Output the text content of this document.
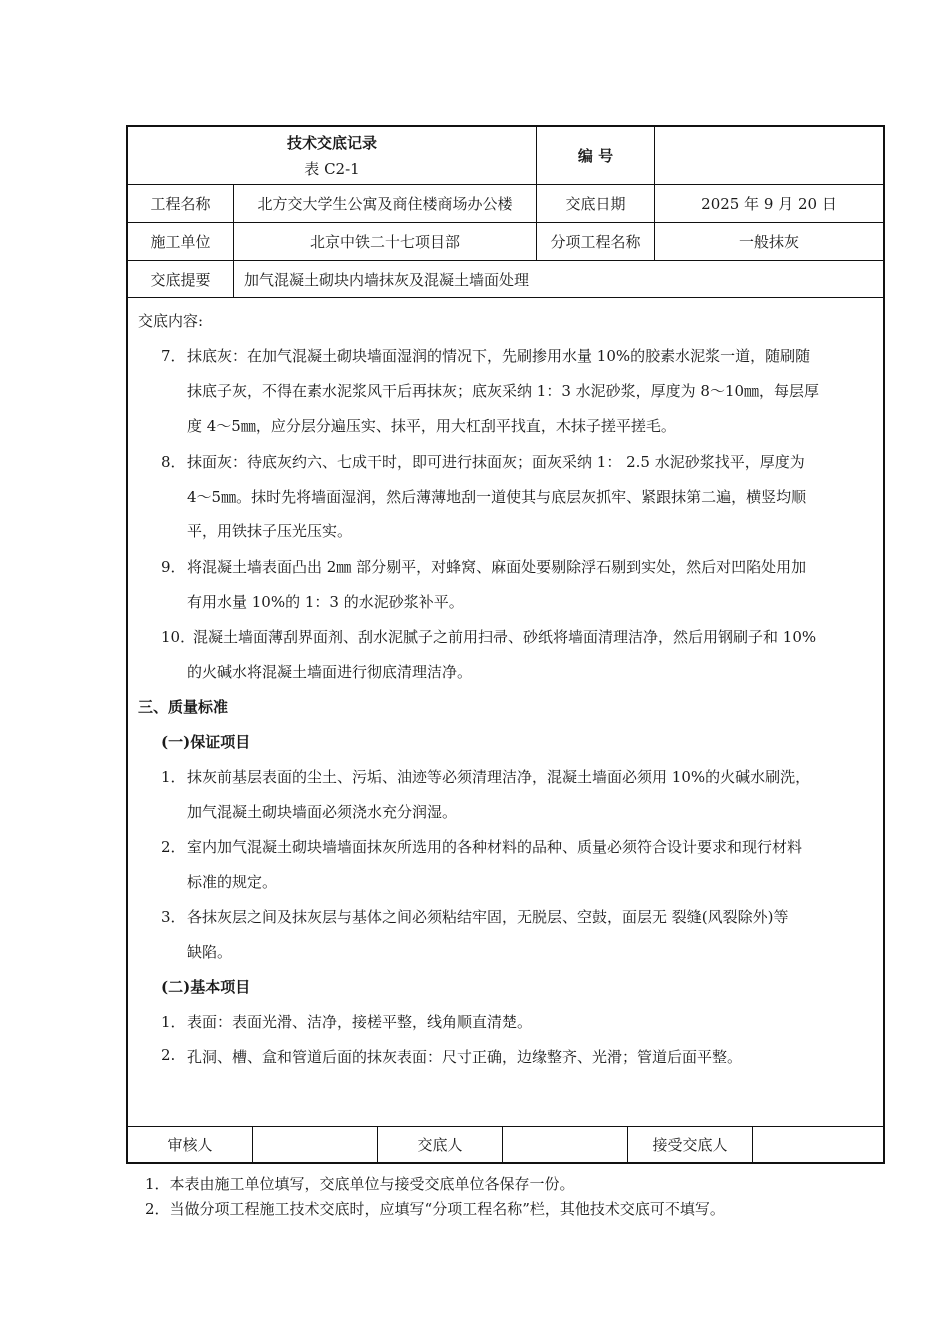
技术交底记录
表 C2-1
编 号
工程名称	北方交大学生公寓及商住楼商场办公楼	交底日期	2025 年 9 月 20 日
施工单位	北京中铁二十七项目部	分项工程名称	一般抹灰
交底提要	加气混凝土砌块内墙抹灰及混凝土墙面处理
交底内容:
7． 抹底灰：在加气混凝土砌块墙面湿润的情况下，先刷掺用水量 10%的胶素水泥浆一道，随刷随
抹底子灰，不得在素水泥浆风干后再抹灰；底灰采纳 1：3 水泥砂浆，厚度为 8～10㎜，每层厚
度 4～5㎜，应分层分遍压实、抹平，用大杠刮平找直，木抹子搓平搓毛。
8． 抹面灰：待底灰约六、七成干时，即可进行抹面灰；面灰采纳 1： 2.5 水泥砂浆找平，厚度为
4～5㎜。抹时先将墙面湿润，然后薄薄地刮一道使其与底层灰抓牢、紧跟抹第二遍，横竖均顺
平，用铁抹子压光压实。
9． 将混凝土墙表面凸出 2㎜ 部分剔平，对蜂窝、麻面处要剔除浮石剔到实处，然后对凹陷处用加
有用水量 10%的 1：3 的水泥砂浆补平。
10．
混凝土墙面薄刮界面剂、刮水泥腻子之前用扫帚、砂纸将墙面清理洁净，然后用钢刷子和 10%
的火碱水将混凝土墙面进行彻底清理洁净。
三、质量标准
(一)保证项目
1． 抹灰前基层表面的尘土、污垢、油迹等必须清理洁净，混凝土墙面必须用 10%的火碱水刷洗，
加气混凝土砌块墙面必须浇水充分润湿。
2． 室内加气混凝土砌块墙墙面抹灰所选用的各种材料的品种、质量必须符合设计要求和现行材料
标准的规定。
3． 各抹灰层之间及抹灰层与基体之间必须粘结牢固，无脱层、空鼓，面层无 裂缝(风裂除外)等
缺陷。
(二)基本项目
1． 表面：表面光滑、洁净，接槎平整，线角顺直清楚。
2. 孔洞、槽、盒和管道后面的抹灰表面：尺寸正确，边缘整齐、光滑；管道后面平整。
审核人	交底人	接受交底人
1．本表由施工单位填写，交底单位与接受交底单位各保存一份。
2．当做分项工程施工技术交底时，应填写“分项工程名称”栏，其他技术交底可不填写。
